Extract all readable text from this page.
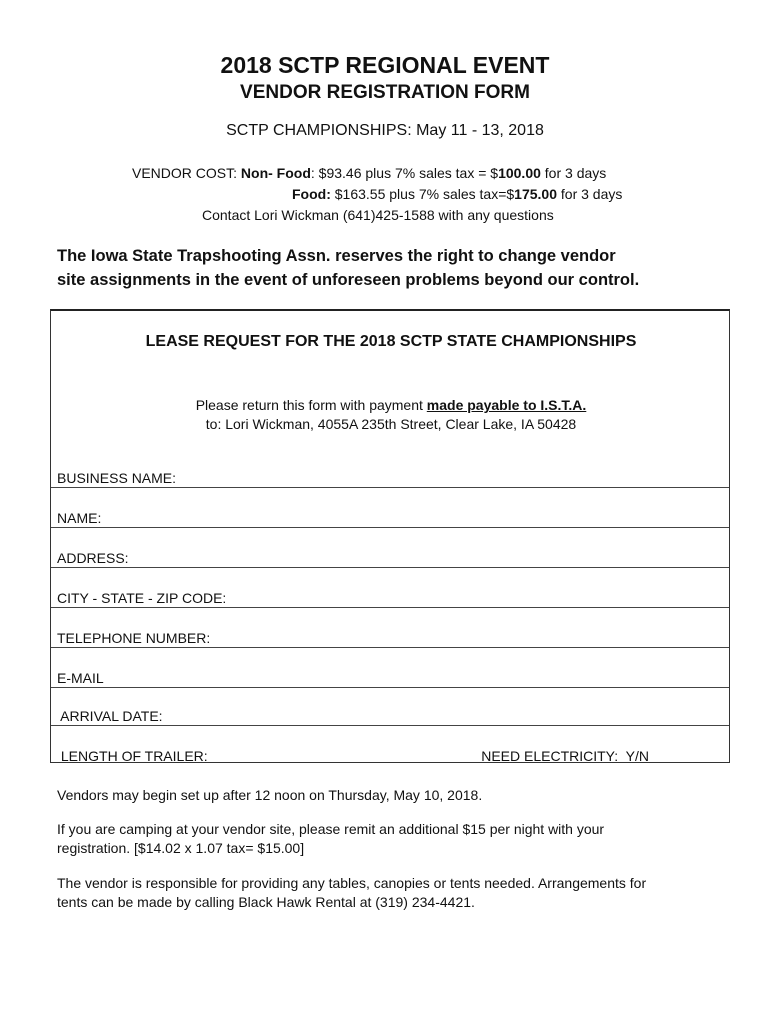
2018 SCTP REGIONAL EVENT
VENDOR REGISTRATION FORM
SCTP CHAMPIONSHIPS: May 11 - 13, 2018
VENDOR COST: Non- Food: $93.46 plus 7% sales tax = $100.00 for 3 days
Food: $163.55 plus 7% sales tax=$175.00 for 3 days
Contact Lori Wickman (641)425-1588 with any questions
The Iowa State Trapshooting Assn. reserves the right to change vendor
site assignments in the event of unforeseen problems beyond our control.
LEASE REQUEST FOR THE 2018 SCTP STATE CHAMPIONSHIPS
Please return this form with payment made payable to I.S.T.A.
to: Lori Wickman, 4055A 235th Street, Clear Lake, IA 50428
BUSINESS NAME:
NAME:
ADDRESS:
CITY - STATE - ZIP CODE:
TELEPHONE NUMBER:
E-MAIL
ARRIVAL DATE:
LENGTH OF TRAILER:	NEED ELECTRICITY:  Y/N
Vendors may begin set up after 12 noon on Thursday, May 10, 2018.
If you are camping at your vendor site, please remit an additional $15 per night with your
registration. [$14.02 x 1.07 tax= $15.00]
The vendor is responsible for providing any tables, canopies or tents needed. Arrangements for
tents can be made by calling Black Hawk Rental at (319) 234-4421.
